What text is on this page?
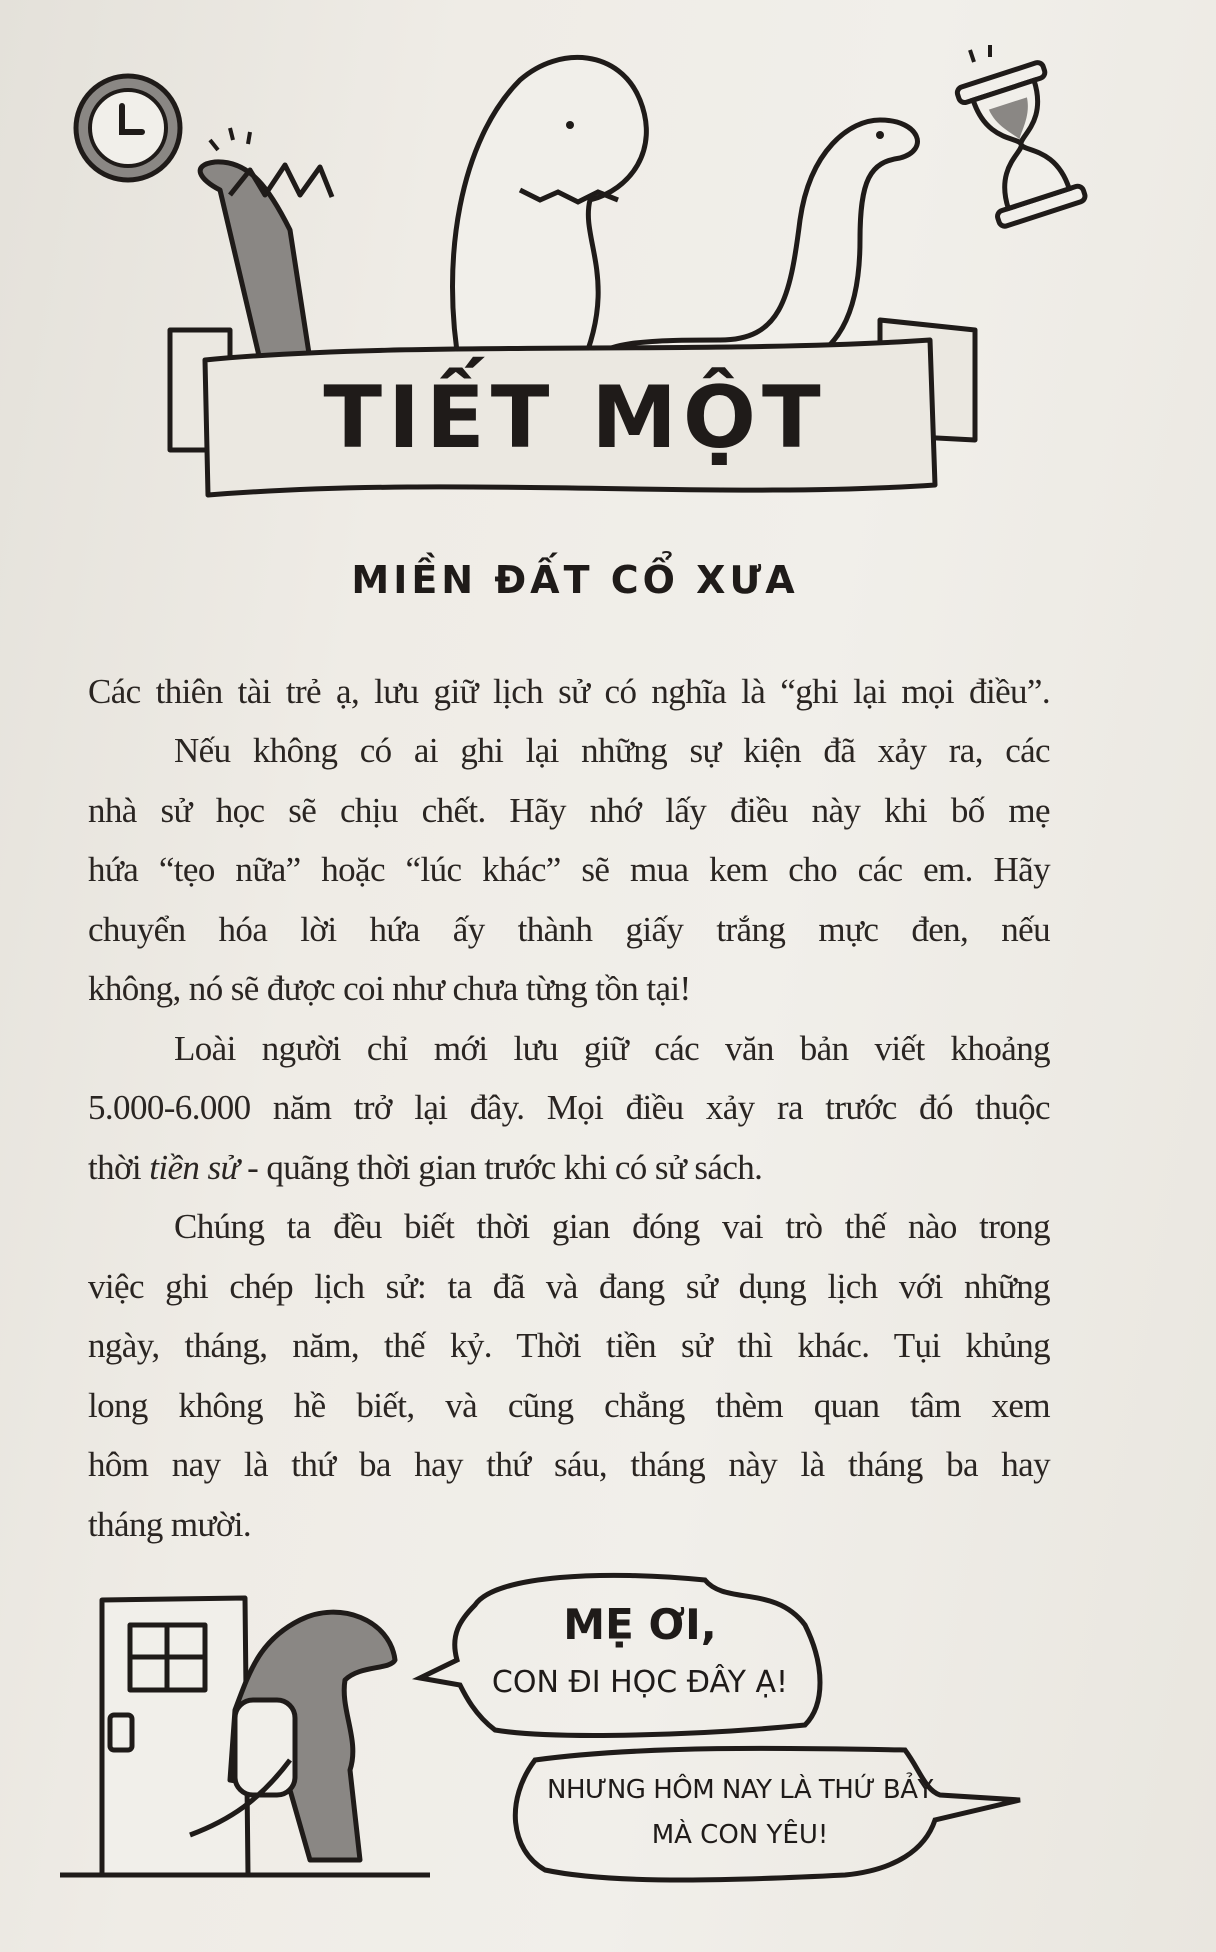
TIẾT MỘT
MIỀN ĐẤT CỔ XƯA
Các thiên tài trẻ ạ, lưu giữ lịch sử có nghĩa là “ghi lại mọi điều”.
Nếu không có ai ghi lại những sự kiện đã xảy ra, các
nhà sử học sẽ chịu chết. Hãy nhớ lấy điều này khi bố mẹ
hứa “tẹo nữa” hoặc “lúc khác” sẽ mua kem cho các em. Hãy
chuyển hóa lời hứa ấy thành giấy trắng mực đen, nếu
không, nó sẽ được coi như chưa từng tồn tại!
Loài người chỉ mới lưu giữ các văn bản viết khoảng
5.000-6.000 năm trở lại đây. Mọi điều xảy ra trước đó thuộc
thời tiền sử - quãng thời gian trước khi có sử sách.
Chúng ta đều biết thời gian đóng vai trò thế nào trong
việc ghi chép lịch sử: ta đã và đang sử dụng lịch với những
ngày, tháng, năm, thế kỷ. Thời tiền sử thì khác. Tụi khủng
long không hề biết, và cũng chẳng thèm quan tâm xem
hôm nay là thứ ba hay thứ sáu, tháng này là tháng ba hay
tháng mười.
MẸ ƠI,
CON ĐI HỌC ĐÂY Ạ!
NHƯNG HÔM NAY LÀ THỨ BẢY
MÀ CON YÊU!
